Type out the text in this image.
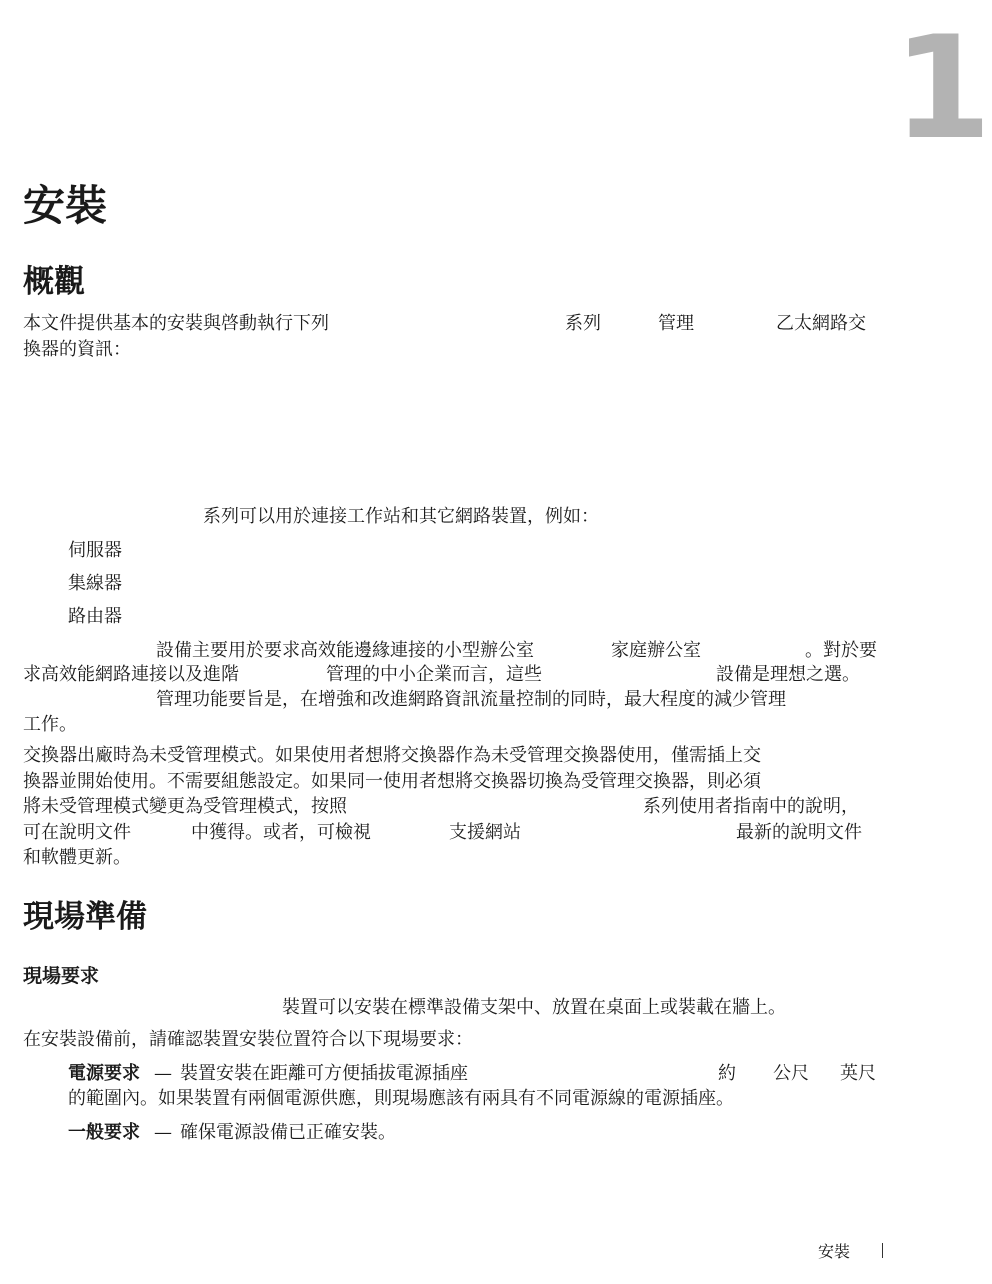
1
安裝
概觀
本文件提供基本的安裝與啓動執行下列	系列	管理	乙太網路交
換器的資訊：
系列可以用於連接工作站和其它網路裝置，例如：
伺服器
集線器
路由器
設備主要用於要求高效能邊緣連接的小型辦公室	家庭辦公室	。對於要
求高效能網路連接以及進階	管理的中小企業而言，這些	設備是理想之選。
管理功能要旨是，在增強和改進網路資訊流量控制的同時，最大程度的減少管理
工作。
交換器出廠時為未受管理模式。如果使用者想將交換器作為未受管理交換器使用，僅需插上交
換器並開始使用。不需要組態設定。如果同一使用者想將交換器切換為受管理交換器，則必須
將未受管理模式變更為受管理模式，按照	系列使用者指南中的說明，
可在說明文件	中獲得。或者，可檢視	支援網站	最新的說明文件
和軟體更新。
現場準備
現場要求
裝置可以安裝在標準設備支架中、放置在桌面上或裝載在牆上。
在安裝設備前，請確認裝置安裝位置符合以下現場要求：
電源要求 — 裝置安裝在距離可方便插拔電源插座	約 公尺 英尺
的範圍內。如果裝置有兩個電源供應，則現場應該有兩具有不同電源線的電源插座。
一般要求 — 確保電源設備已正確安裝。
安裝
